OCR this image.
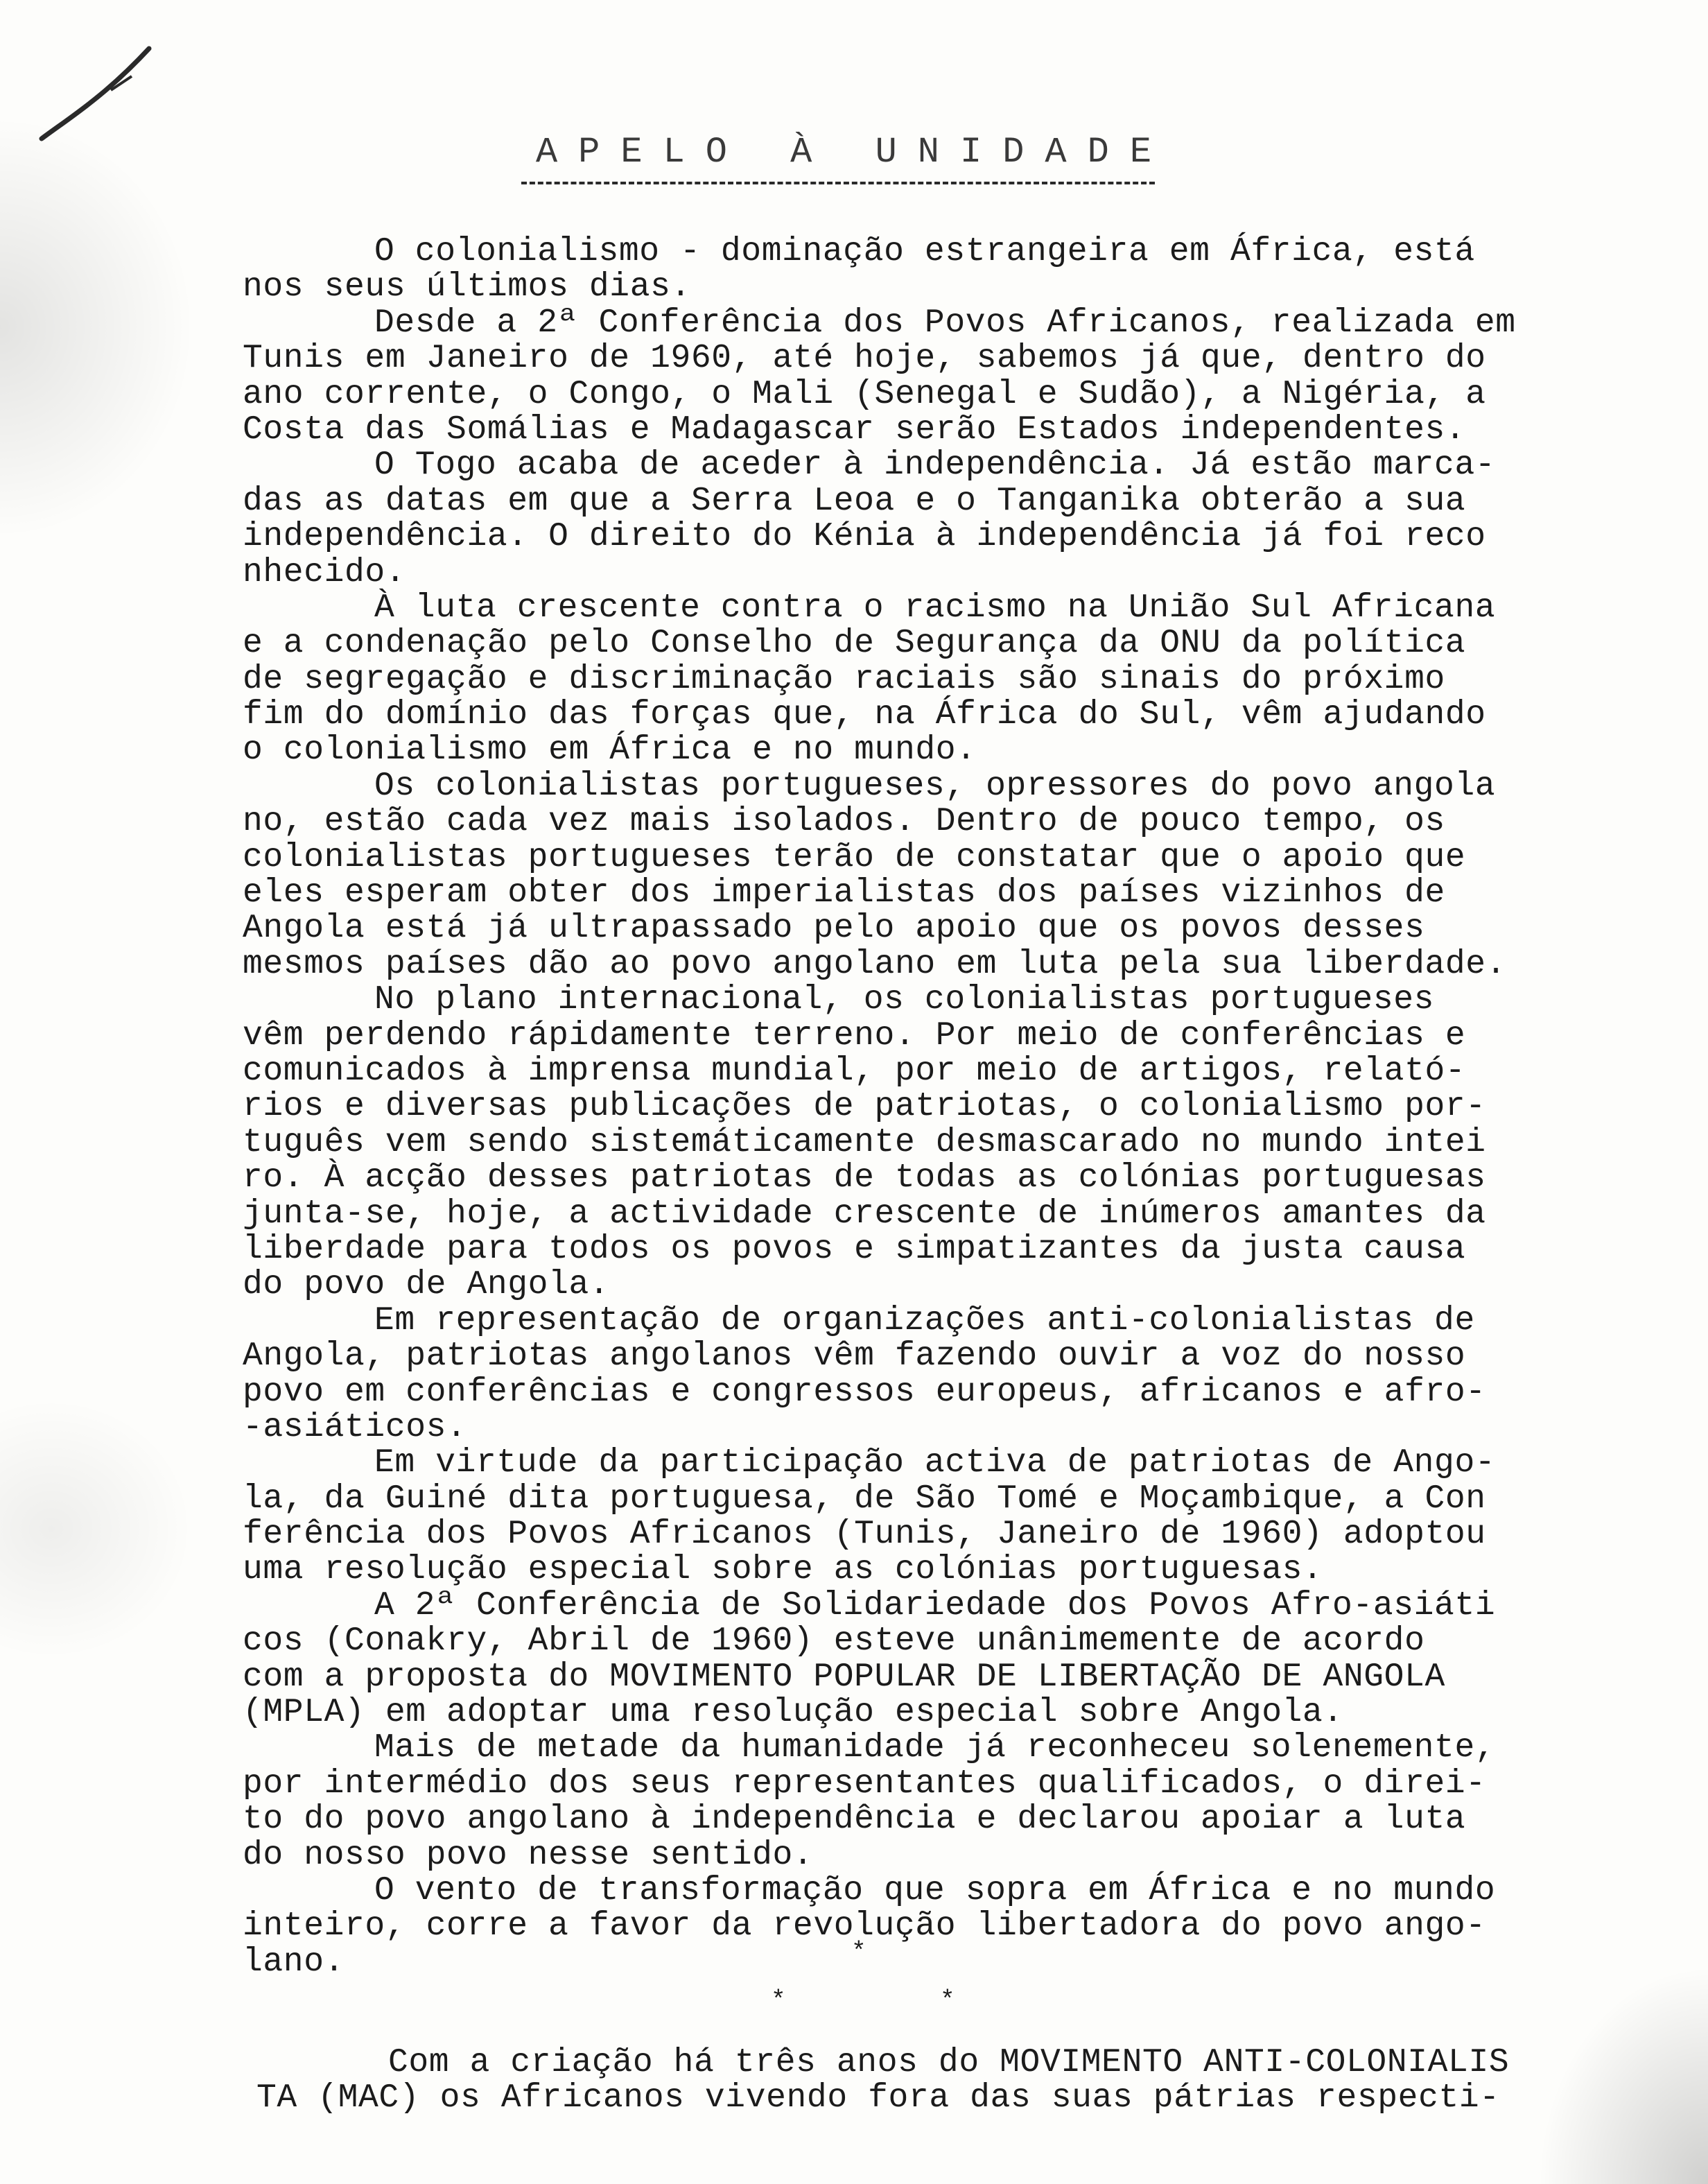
APELO À UNIDADE
O colonialismo - dominação estrangeira em África, está
nos seus últimos dias.
Desde a 2ª Conferência dos Povos Africanos, realizada em
Tunis em Janeiro de 1960, até hoje, sabemos já que, dentro do
ano corrente, o Congo, o Mali (Senegal e Sudão), a Nigéria, a
Costa das Somálias e Madagascar serão Estados independentes.
O Togo acaba de aceder à independência. Já estão marca-
das as datas em que a Serra Leoa e o Tanganika obterão a sua
independência. O direito do Kénia à independência já foi reco
nhecido.
À luta crescente contra o racismo na União Sul Africana
e a condenação pelo Conselho de Segurança da ONU da política
de segregação e discriminação raciais são sinais do próximo
fim do domínio das forças que, na África do Sul, vêm ajudando
o colonialismo em África e no mundo.
Os colonialistas portugueses, opressores do povo angola
no, estão cada vez mais isolados. Dentro de pouco tempo, os
colonialistas portugueses terão de constatar que o apoio que
eles esperam obter dos imperialistas dos países vizinhos de
Angola está já ultrapassado pelo apoio que os povos desses
mesmos países dão ao povo angolano em luta pela sua liberdade.
No plano internacional, os colonialistas portugueses
vêm perdendo rápidamente terreno. Por meio de conferências e
comunicados à imprensa mundial, por meio de artigos, relató-
rios e diversas publicações de patriotas, o colonialismo por-
tuguês vem sendo sistemáticamente desmascarado no mundo intei
ro. À acção desses patriotas de todas as colónias portuguesas
junta-se, hoje, a actividade crescente de inúmeros amantes da
liberdade para todos os povos e simpatizantes da justa causa
do povo de Angola.
Em representação de organizações anti-colonialistas de
Angola, patriotas angolanos vêm fazendo ouvir a voz do nosso
povo em conferências e congressos europeus, africanos e afro-
-asiáticos.
Em virtude da participação activa de patriotas de Ango-
la, da Guiné dita portuguesa, de São Tomé e Moçambique, a Con
ferência dos Povos Africanos (Tunis, Janeiro de 1960) adoptou
uma resolução especial sobre as colónias portuguesas.
A 2ª Conferência de Solidariedade dos Povos Afro-asiáti
cos (Conakry, Abril de 1960) esteve unânimemente de acordo
com a proposta do MOVIMENTO POPULAR DE LIBERTAÇÃO DE ANGOLA
(MPLA) em adoptar uma resolução especial sobre Angola.
Mais de metade da humanidade já reconheceu solenemente,
por intermédio dos seus representantes qualificados, o direi-
to do povo angolano à independência e declarou apoiar a luta
do nosso povo nesse sentido.
O vento de transformação que sopra em África e no mundo
inteiro, corre a favor da revolução libertadora do povo ango-
lano.	*
*	*
Com a criação há três anos do MOVIMENTO ANTI-COLONIALIS
TA (MAC) os Africanos vivendo fora das suas pátrias respecti-
